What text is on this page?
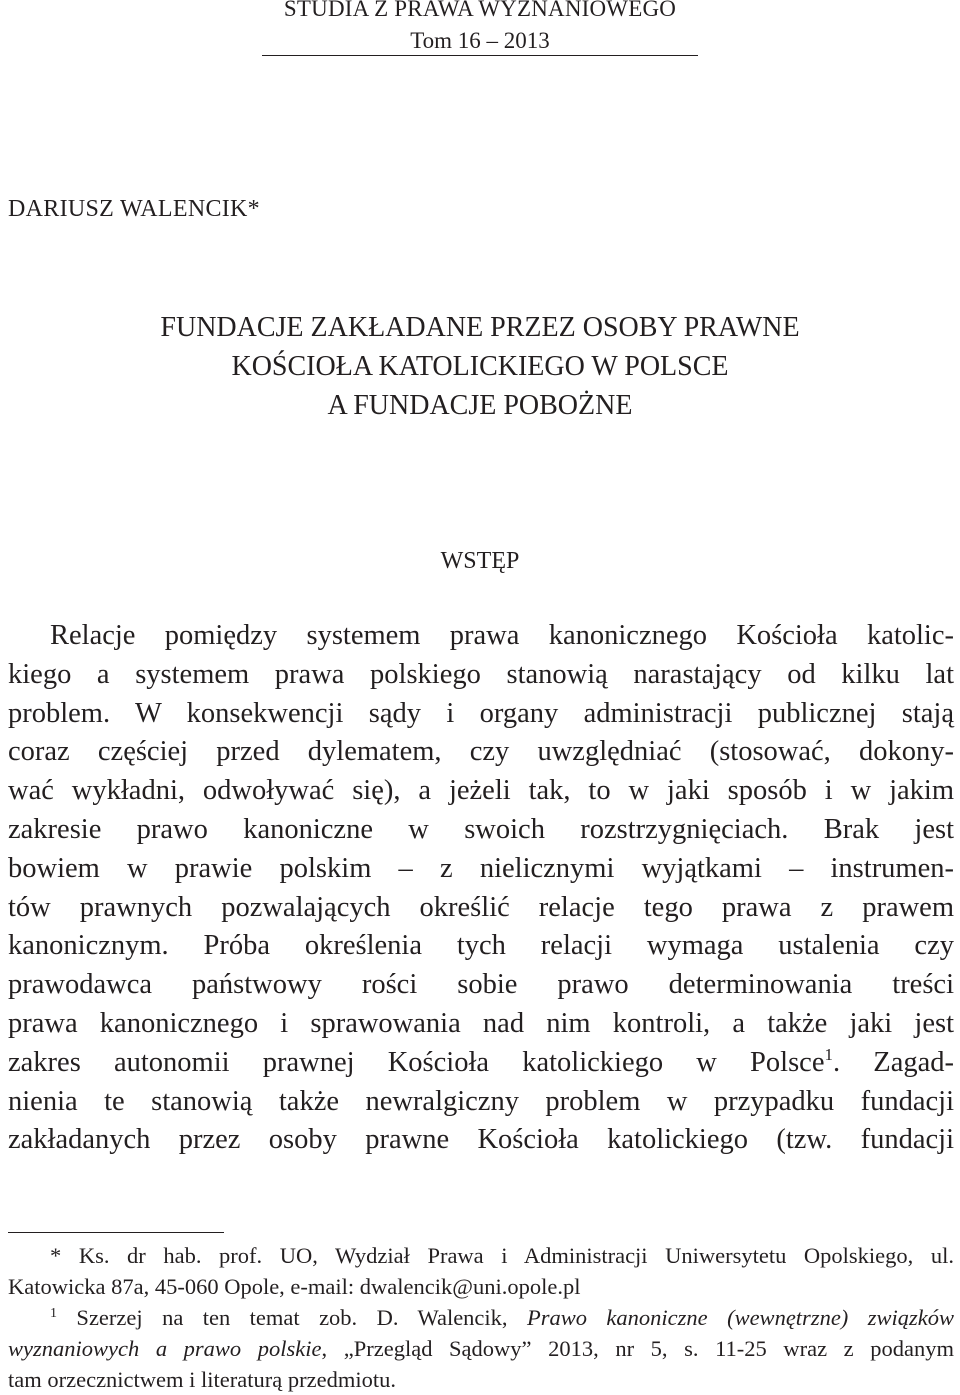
STUDIA Z PRAWA WYZNANIOWEGO
Tom 16 – 2013
DARIUSZ WALENCIK*
FUNDACJE ZAKŁADANE PRZEZ OSOBY PRAWNE
KOŚCIOŁA KATOLICKIEGO W POLSCE
A FUNDACJE POBOŻNE
WSTĘP
Relacje pomiędzy systemem prawa kanonicznego Kościoła katolic-
kiego a systemem prawa polskiego stanowią narastający od kilku lat
problem. W konsekwencji sądy i organy administracji publicznej stają
coraz częściej przed dylematem, czy uwzględniać (stosować, dokony-
wać wykładni, odwoływać się), a jeżeli tak, to w jaki sposób i w jakim
zakresie prawo kanoniczne w swoich rozstrzygnięciach. Brak jest
bowiem w prawie polskim – z nielicznymi wyjątkami – instrumen-
tów prawnych pozwalających określić relacje tego prawa z prawem
kanonicznym. Próba określenia tych relacji wymaga ustalenia czy
prawodawca państwowy rości sobie prawo determinowania treści
prawa kanonicznego i sprawowania nad nim kontroli, a także jaki jest
zakres autonomii prawnej Kościoła katolickiego w Polsce$^1$. Zagad-
nienia te stanowią także newralgiczny problem w przypadku fundacji
zakładanych przez osoby prawne Kościoła katolickiego (tzw. fundacji
* Ks. dr hab. prof. UO, Wydział Prawa i Administracji Uniwersytetu Opolskiego, ul.
Katowicka 87a, 45-060 Opole, e-mail: dwalencik@uni.opole.pl
$^1$ Szerzej na ten temat zob. D. Walencik, Prawo kanoniczne (wewnętrzne) związków
wyznaniowych a prawo polskie, „Przegląd Sądowy” 2013, nr 5, s. 11-25 wraz z podanym
tam orzecznictwem i literaturą przedmiotu.
